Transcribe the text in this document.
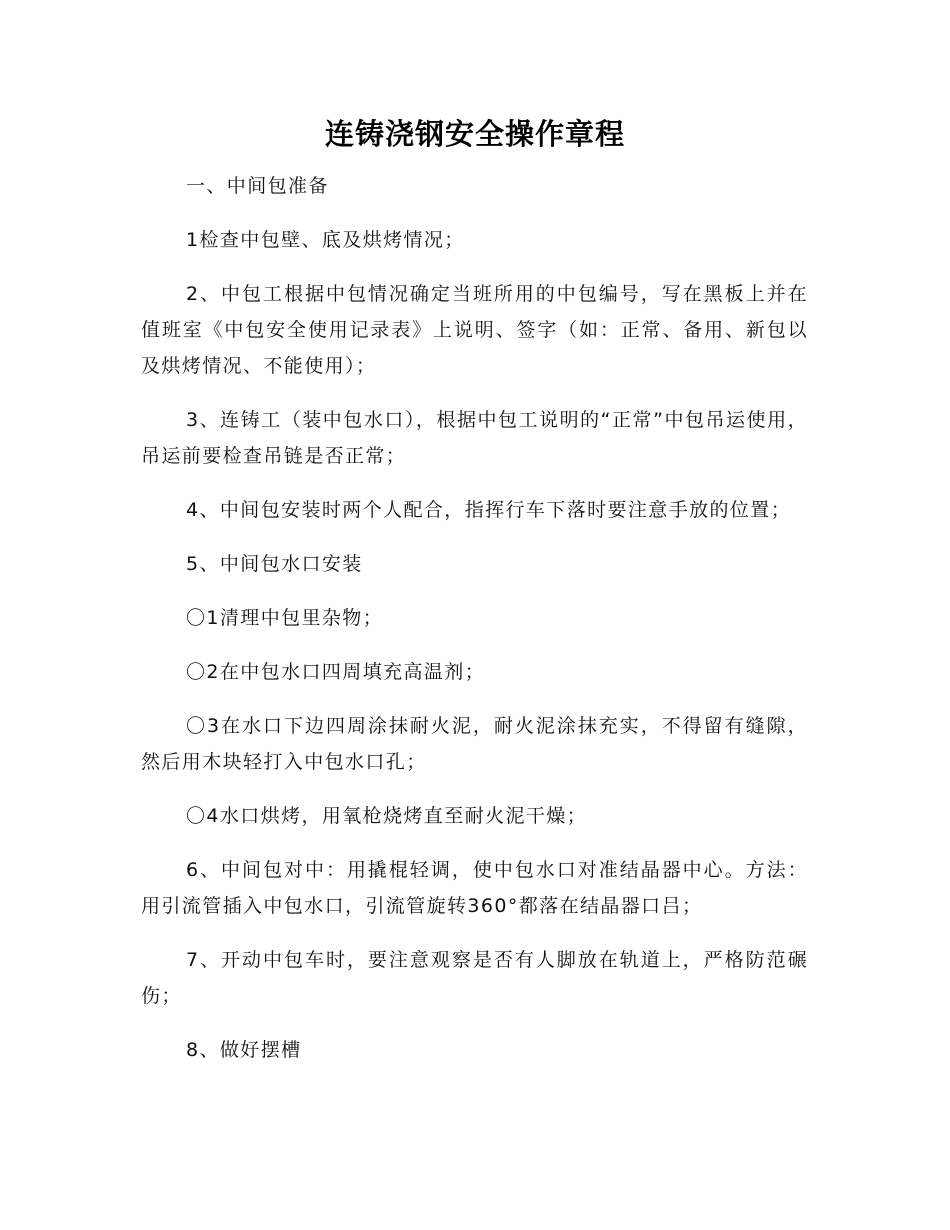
连铸浇钢安全操作章程

一、中间包准备

1检查中包壁、底及烘烤情况；

2、中包工根据中包情况确定当班所用的中包编号，写在黑板上并在值班室《中包安全使用记录表》上说明、签字（如：正常、备用、新包以及烘烤情况、不能使用）；

3、连铸工（装中包水口），根据中包工说明的“正常”中包吊运使用，吊运前要检查吊链是否正常；

4、中间包安装时两个人配合，指挥行车下落时要注意手放的位置；

5、中间包水口安装

〇1清理中包里杂物；

〇2在中包水口四周填充高温剂；

〇3在水口下边四周涂抹耐火泥，耐火泥涂抹充实，不得留有缝隙，然后用木块轻打入中包水口孔；

〇4水口烘烤，用氧枪烧烤直至耐火泥干燥；

6、中间包对中：用撬棍轻调，使中包水口对准结晶器中心。方法：用引流管插入中包水口，引流管旋转360°都落在结晶器口吕；

7、开动中包车时，要注意观察是否有人脚放在轨道上，严格防范碾伤；

8、做好摆槽
